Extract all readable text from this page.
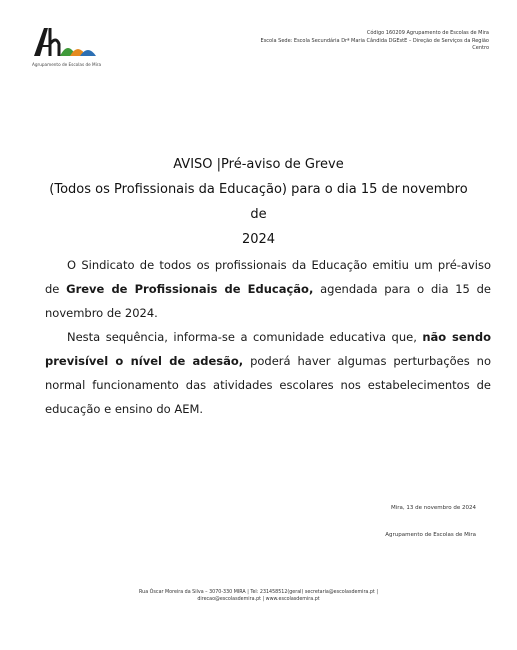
Agrupamento de Escolas de Mira
Código 160209 Agrupamento de Escolas de Mira
Escola Sede: Escola Secundária Drª Maria Cândida DGEstE – Direção de Serviços da Região
Centro
AVISO |Pré-aviso de Greve
(Todos os Profissionais da Educação) para o dia 15 de novembro de
2024

O Sindicato de todos os profissionais da Educação emitiu um pré-aviso de Greve de Profissionais de Educação, agendada para o dia 15 de novembro de 2024.

Nesta sequência, informa-se a comunidade educativa que, não sendo previsível o nível de adesão, poderá haver algumas perturbações no normal funcionamento das atividades escolares nos estabelecimentos de educação e ensino do AEM.

Mira, 13 de novembro de 2024
Agrupamento de Escolas de Mira
Rua Óscar Moreira da Silva – 3070-330 MIRA | Tel: 231458512(geral) secretaria@escolasdemira.pt |
direcao@escolasdemira.pt | www.escolasdemira.pt
